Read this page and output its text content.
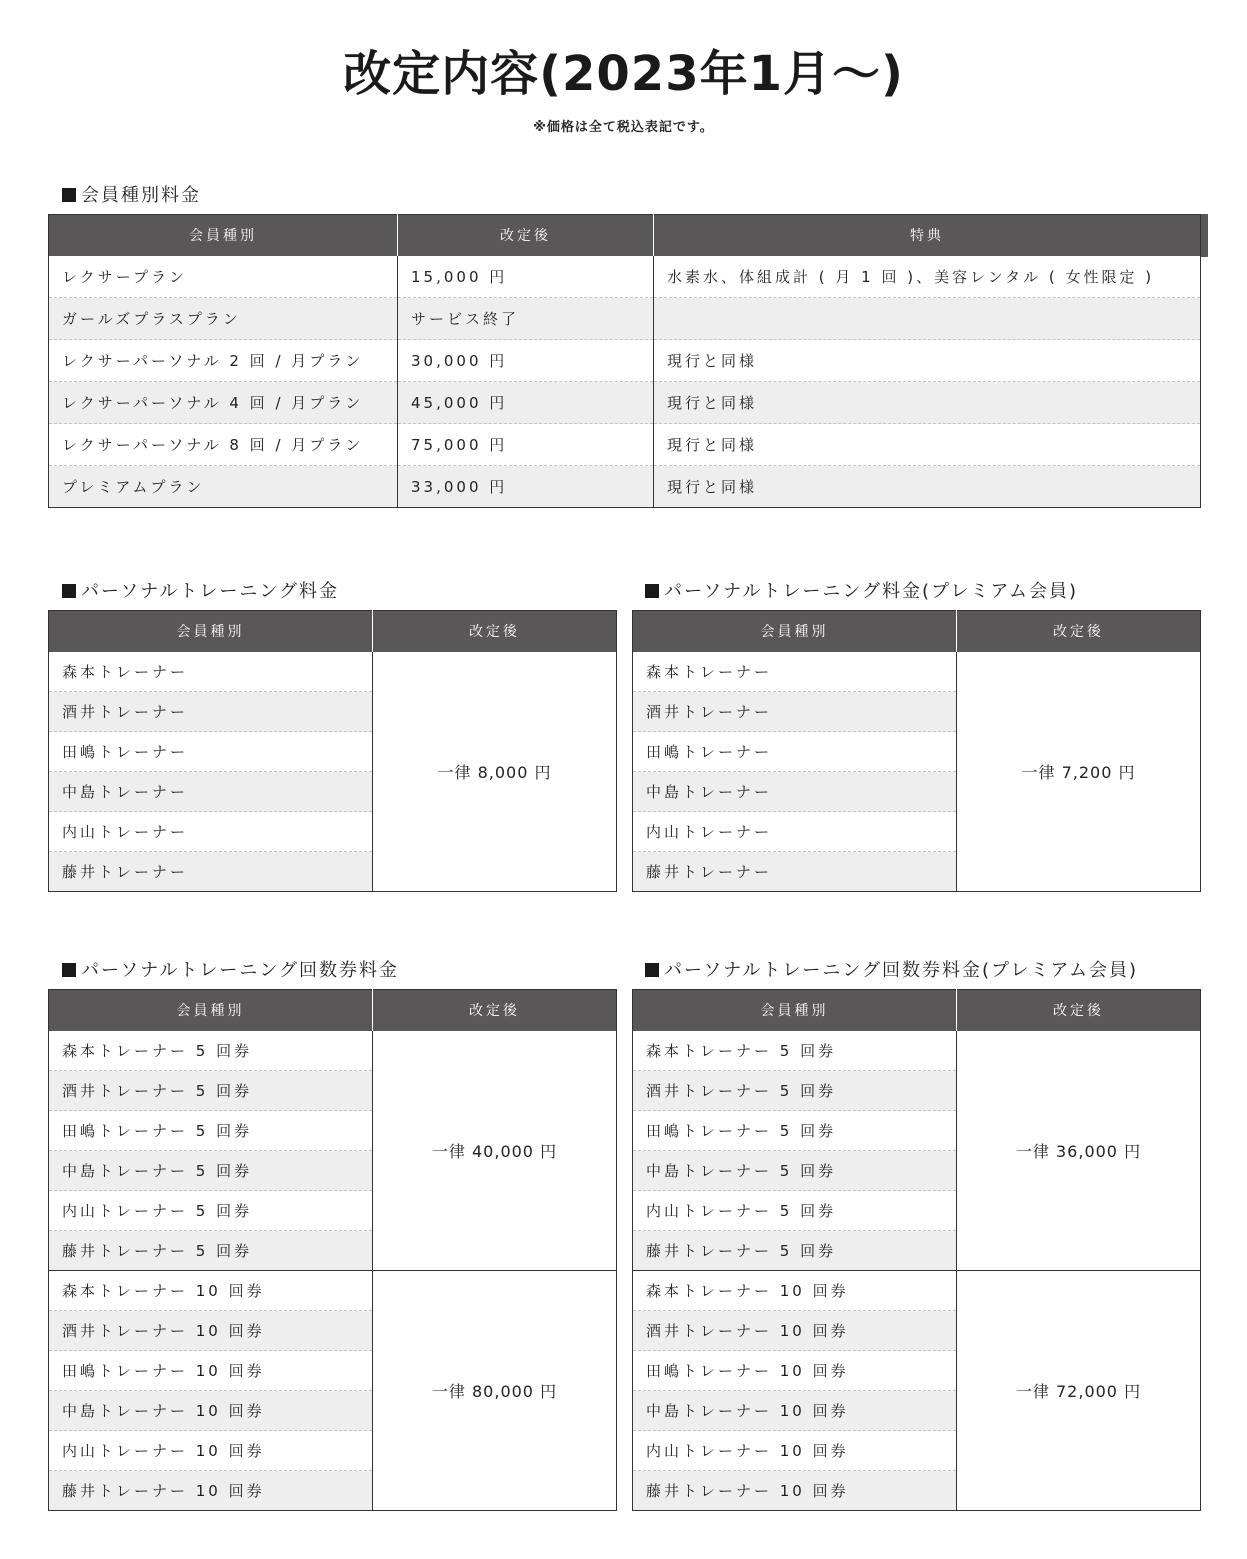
改定内容(2023年1月〜)

※価格は全て税込表記です。

会員種別料金
会員種別	改定後	特典
レクサープラン	15,000 円	水素水、体組成計 ( 月 1 回 )、美容レンタル ( 女性限定 )
ガールズプラスプラン	サービス終了	
レクサーパーソナル 2 回 / 月プラン	30,000 円	現行と同様
レクサーパーソナル 4 回 / 月プラン	45,000 円	現行と同様
レクサーパーソナル 8 回 / 月プラン	75,000 円	現行と同様
プレミアムプラン	33,000 円	現行と同様
パーソナルトレーニング料金
会員種別	改定後
森本トレーナー	一律 8,000 円
酒井トレーナー	
田嶋トレーナー	
中島トレーナー	
内山トレーナー	
藤井トレーナー	
パーソナルトレーニング料金(プレミアム会員)
会員種別	改定後
森本トレーナー	一律 7,200 円
酒井トレーナー	
田嶋トレーナー	
中島トレーナー	
内山トレーナー	
藤井トレーナー	
パーソナルトレーニング回数券料金
会員種別	改定後
森本トレーナー 5 回券	一律 40,000 円
酒井トレーナー 5 回券	
田嶋トレーナー 5 回券	
中島トレーナー 5 回券	
内山トレーナー 5 回券	
藤井トレーナー 5 回券	
森本トレーナー 10 回券	一律 80,000 円
酒井トレーナー 10 回券	
田嶋トレーナー 10 回券	
中島トレーナー 10 回券	
内山トレーナー 10 回券	
藤井トレーナー 10 回券	
パーソナルトレーニング回数券料金(プレミアム会員)
会員種別	改定後
森本トレーナー 5 回券	一律 36,000 円
酒井トレーナー 5 回券	
田嶋トレーナー 5 回券	
中島トレーナー 5 回券	
内山トレーナー 5 回券	
藤井トレーナー 5 回券	
森本トレーナー 10 回券	一律 72,000 円
酒井トレーナー 10 回券	
田嶋トレーナー 10 回券	
中島トレーナー 10 回券	
内山トレーナー 10 回券	
藤井トレーナー 10 回券	
